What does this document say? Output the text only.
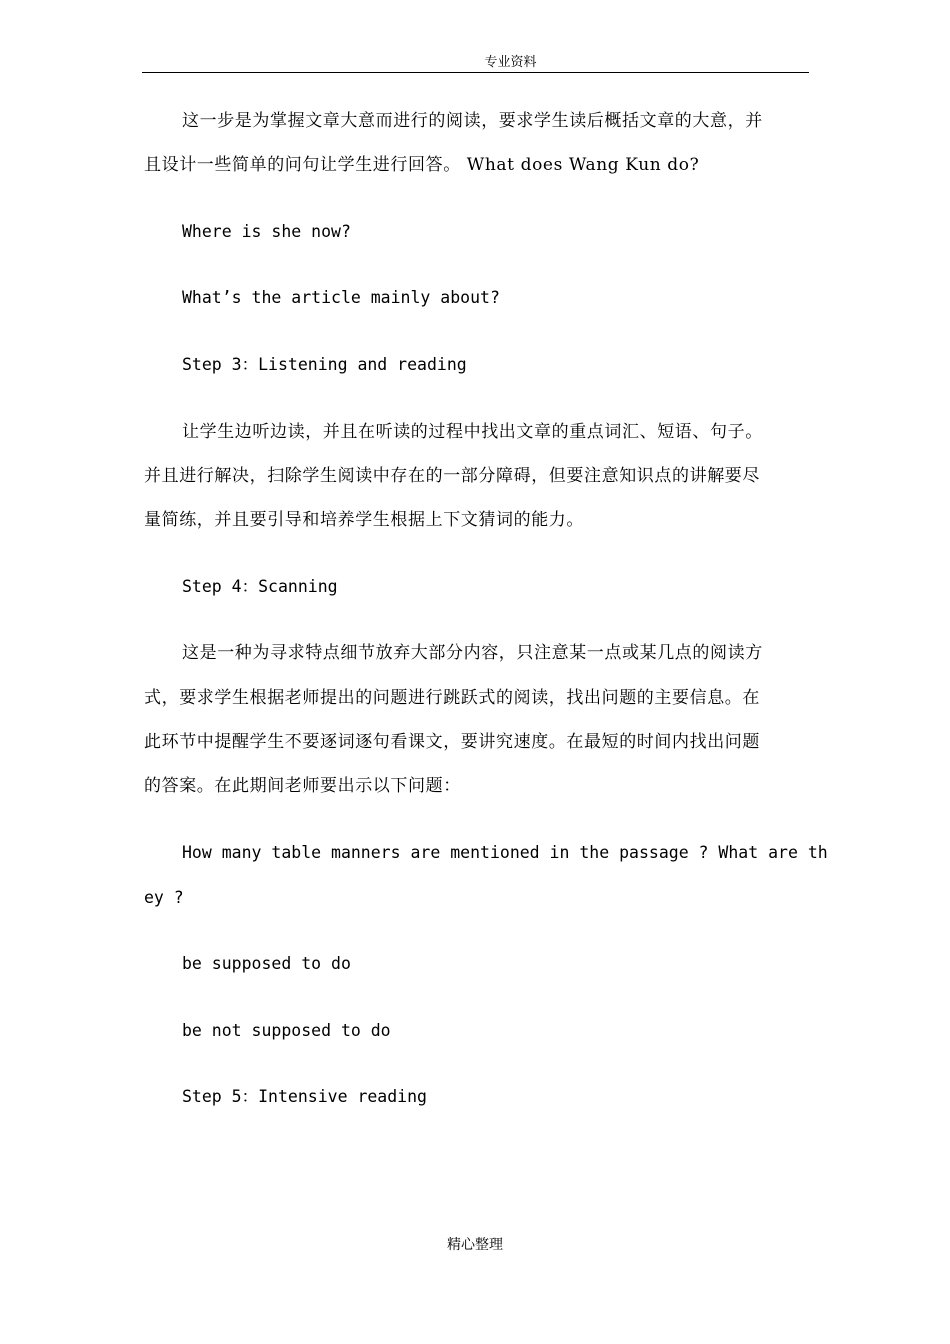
专业资料
这一步是为掌握文章大意而进行的阅读，要求学生读后概括文章的大意，并
且设计一些简单的问句让学生进行回答。 What does Wang Kun do?
Where is she now?
What’s the article mainly about?
Step 3：Listening and reading
让学生边听边读，并且在听读的过程中找出文章的重点词汇、短语、句子。
并且进行解决，扫除学生阅读中存在的一部分障碍，但要注意知识点的讲解要尽
量简练，并且要引导和培养学生根据上下文猜词的能力。
Step 4：Scanning
这是一种为寻求特点细节放弃大部分内容，只注意某一点或某几点的阅读方
式，要求学生根据老师提出的问题进行跳跃式的阅读，找出问题的主要信息。在
此环节中提醒学生不要逐词逐句看课文，要讲究速度。在最短的时间内找出问题
的答案。在此期间老师要出示以下问题：
How many table manners are mentioned in the passage ? What are th
ey ?
be supposed to do
be not supposed to do
Step 5：Intensive reading
精心整理
